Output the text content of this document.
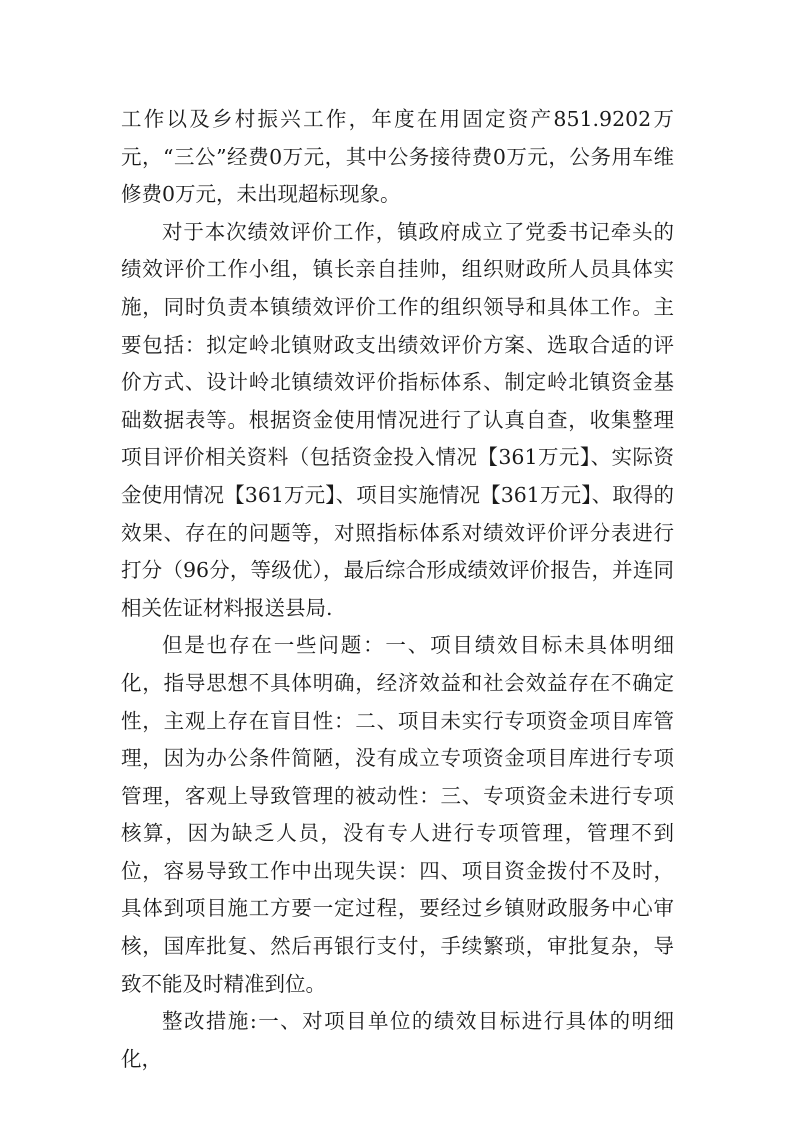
工作以及乡村振兴工作，年度在用固定资产851.9202万元，“三公”经费0万元，其中公务接待费0万元，公务用车维修费0万元，未出现超标现象。

对于本次绩效评价工作，镇政府成立了党委书记牵头的绩效评价工作小组，镇长亲自挂帅，组织财政所人员具体实施，同时负责本镇绩效评价工作的组织领导和具体工作。主要包括：拟定岭北镇财政支出绩效评价方案、选取合适的评价方式、设计岭北镇绩效评价指标体系、制定岭北镇资金基础数据表等。根据资金使用情况进行了认真自查，收集整理项目评价相关资料（包括资金投入情况【361万元】、实际资金使用情况【361万元】、项目实施情况【361万元】、取得的效果、存在的问题等，对照指标体系对绩效评价评分表进行打分（96分，等级优），最后综合形成绩效评价报告，并连同相关佐证材料报送县局.

但是也存在一些问题：一、项目绩效目标未具体明细化，指导思想不具体明确，经济效益和社会效益存在不确定性，主观上存在盲目性：二、项目未实行专项资金项目库管理，因为办公条件简陋，没有成立专项资金项目库进行专项管理，客观上导致管理的被动性：三、专项资金未进行专项核算，因为缺乏人员，没有专人进行专项管理，管理不到位，容易导致工作中出现失误：四、项目资金拨付不及时，具体到项目施工方要一定过程，要经过乡镇财政服务中心审核，国库批复、然后再银行支付，手续繁琐，审批复杂，导致不能及时精准到位。

整改措施:一、对项目单位的绩效目标进行具体的明细化，
